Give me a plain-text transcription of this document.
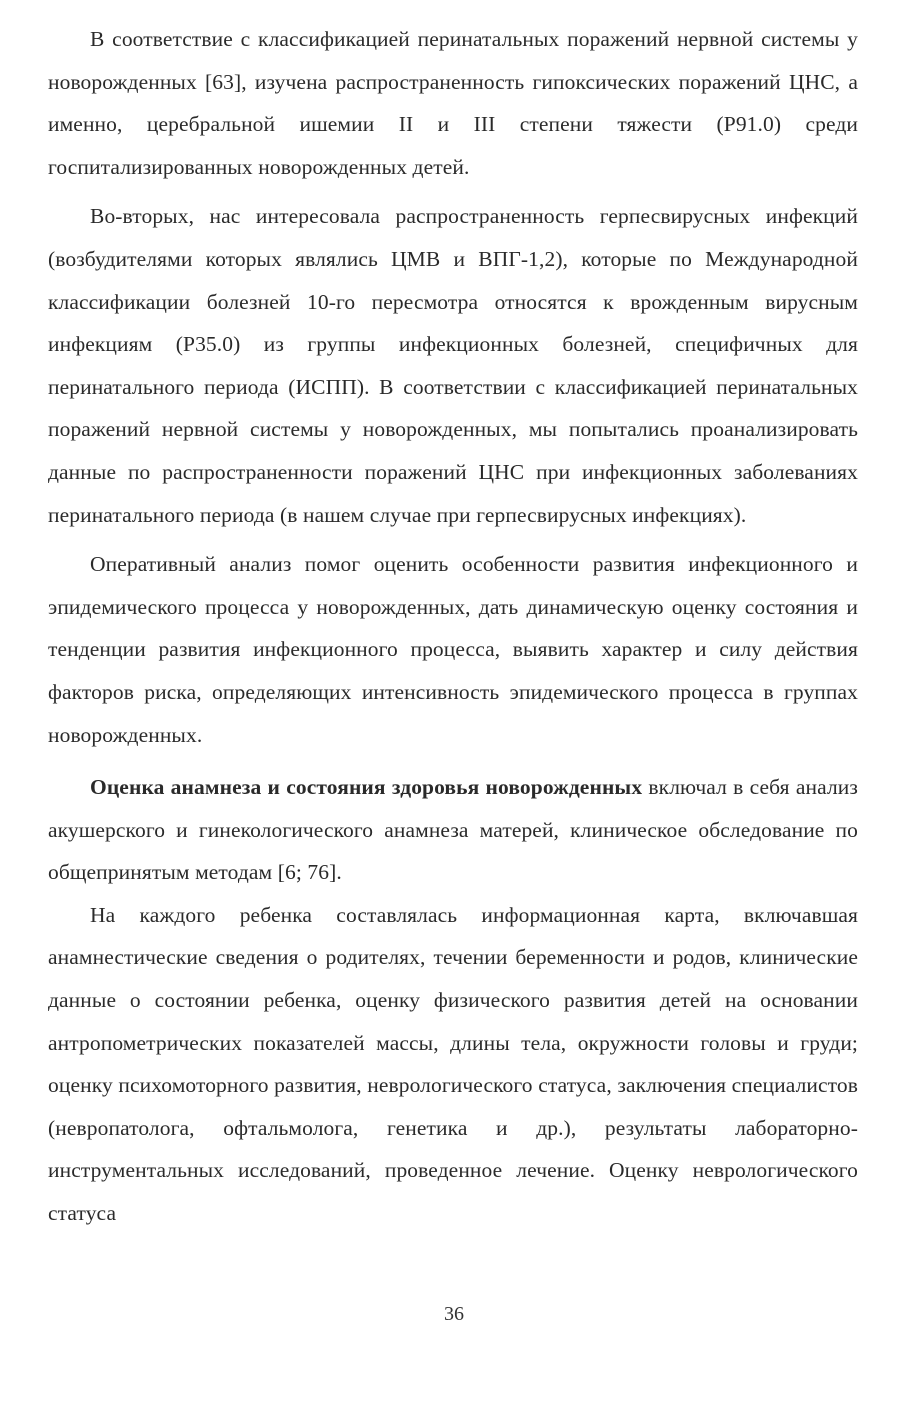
В соответствие с классификацией перинатальных поражений нервной системы у новорожденных [63], изучена распространенность гипоксических поражений ЦНС, а именно, церебральной ишемии II и III степени тяжести (Р91.0) среди госпитализированных новорожденных детей.

Во-вторых, нас интересовала распространенность герпесвирусных инфекций (возбудителями которых являлись ЦМВ и ВПГ-1,2), которые по Международной классификации болезней 10-го пересмотра относятся к врожденным вирусным инфекциям (Р35.0) из группы инфекционных болезней, специфичных для перинатального периода (ИСПП). В соответствии с классификацией перинатальных поражений нервной системы у новорожденных, мы попытались проанализировать данные по распространенности поражений ЦНС при инфекционных заболеваниях перинатального периода (в нашем случае при герпесвирусных инфекциях).

Оперативный анализ помог оценить особенности развития инфекционного и эпидемического процесса у новорожденных, дать динамическую оценку состояния и тенденции развития инфекционного процесса, выявить характер и силу действия факторов риска, определяющих интенсивность эпидемического процесса в группах новорожденных.

Оценка анамнеза и состояния здоровья новорожденных включал в себя анализ акушерского и гинекологического анамнеза матерей, клиническое обследование по общепринятым методам [6; 76].

На каждого ребенка составлялась информационная карта, включавшая анамнестические сведения о родителях, течении беременности и родов, клинические данные о состоянии ребенка, оценку физического развития детей на основании антропометрических показателей массы, длины тела, окружности головы и груди; оценку психомоторного развития, неврологического статуса, заключения специалистов (невропатолога, офтальмолога, генетика и др.), результаты лабораторно-инструментальных исследований, проведенное лечение. Оценку неврологического статуса

36
